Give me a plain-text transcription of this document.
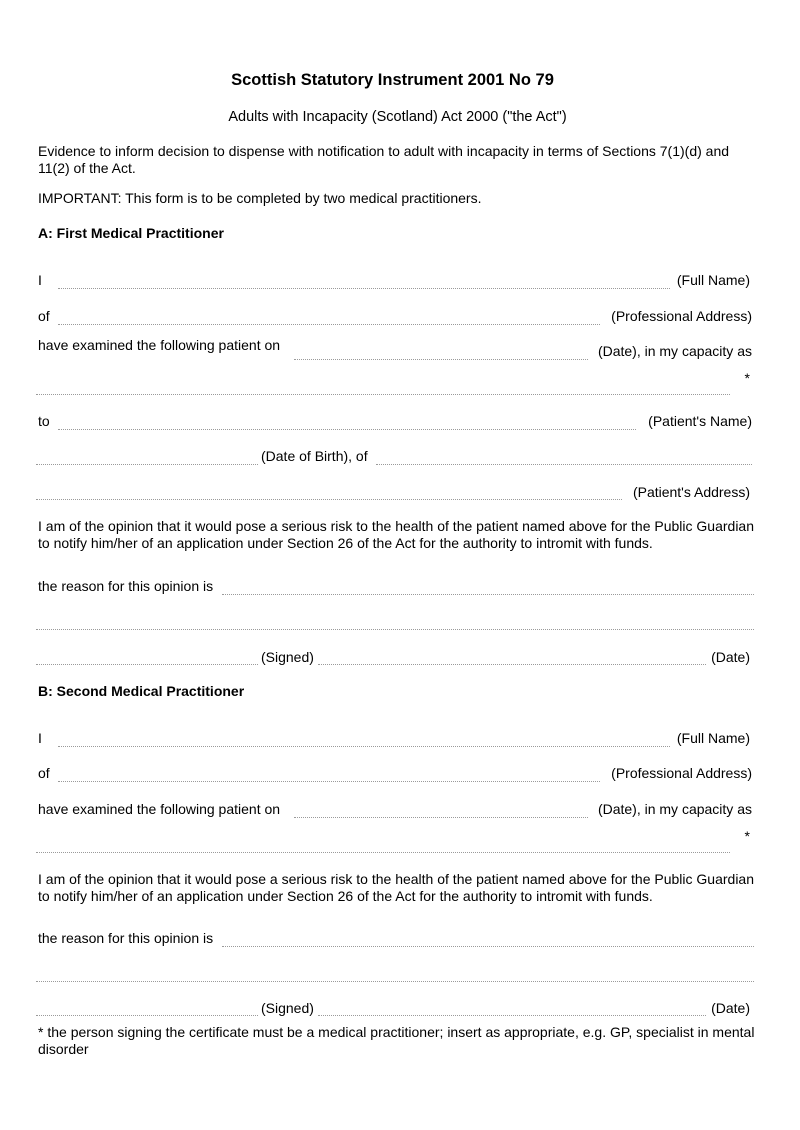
Scottish Statutory Instrument 2001 No 79
Adults with Incapacity (Scotland) Act 2000 ("the Act")
Evidence to inform decision to dispense with notification to adult with incapacity in terms of Sections 7(1)(d) and 11(2) of the Act.
IMPORTANT: This form is to be completed by two medical practitioners.
A: First Medical Practitioner
I	(Full Name)
of	(Professional Address)
have examined the following patient on	(Date), in my capacity as
*
to	(Patient's Name)
(Date of Birth), of
(Patient's Address)
I am of the opinion that it would pose a serious risk to the health of the patient named above for the Public Guardian to notify him/her of an application under Section 26 of the Act for the authority to intromit with funds.
the reason for this opinion is
(Signed)	(Date)
B: Second Medical Practitioner
I	(Full Name)
of	(Professional Address)
have examined the following patient on	(Date), in my capacity as
*
I am of the opinion that it would pose a serious risk to the health of the patient named above for the Public Guardian to notify him/her of an application under Section 26 of the Act for the authority to intromit with funds.
the reason for this opinion is
(Signed)	(Date)
* the person signing the certificate must be a medical practitioner; insert as appropriate, e.g. GP, specialist in mental disorder
